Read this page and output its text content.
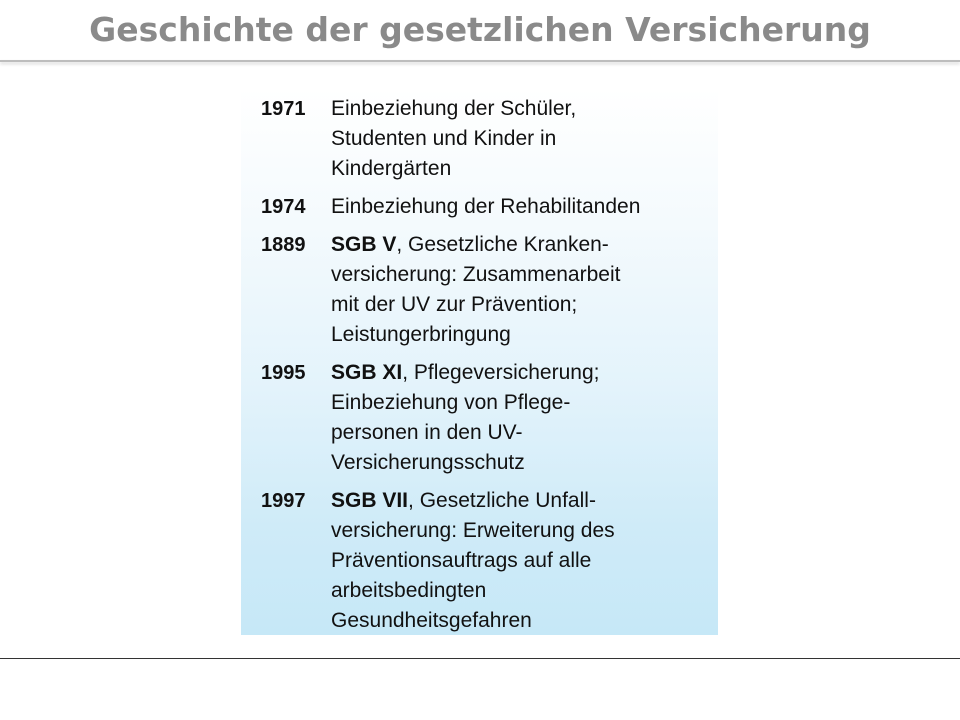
Geschichte der gesetzlichen Versicherung
1971	Einbeziehung der Schüler,
Studenten und Kinder in
Kindergärten
1974	Einbeziehung der Rehabilitanden
1889	SGB V, Gesetzliche Kranken-
versicherung: Zusammenarbeit
mit der UV zur Prävention;
Leistungerbringung
1995	SGB XI, Pflegeversicherung;
Einbeziehung von Pflege-
personen in den UV-
Versicherungsschutz
1997	SGB VII, Gesetzliche Unfall-
versicherung: Erweiterung des
Präventionsauftrags auf alle
arbeitsbedingten
Gesundheitsgefahren
